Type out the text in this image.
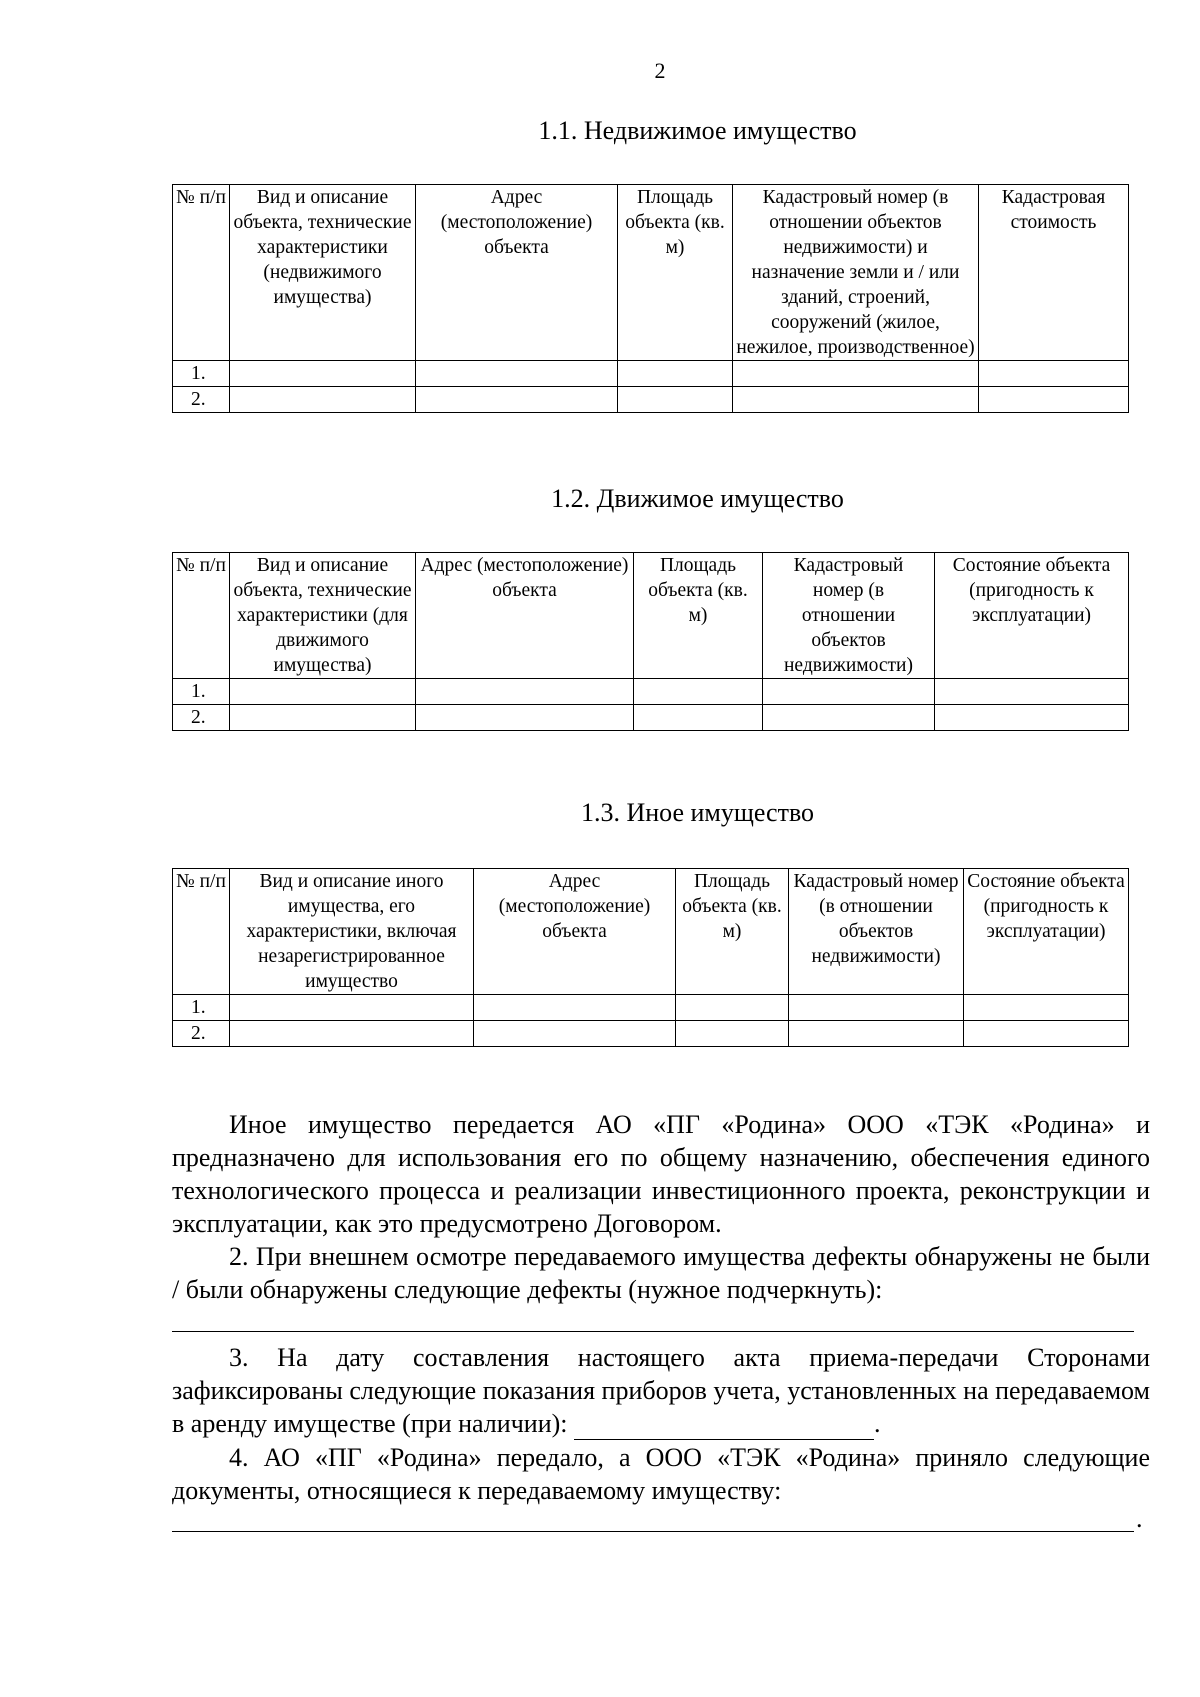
2
1.1. Недвижимое имущество
№ п/п	Вид и описание объекта, технические характеристики (недвижимого имущества)	Адрес (местоположение) объекта	Площадь объекта (кв. м)	Кадастровый номер (в отношении объектов недвижимости) и назначение земли и / или зданий, строений, сооружений (жилое, нежилое, производственное)	Кадастровая стоимость
1.					
2.					
1.2. Движимое имущество
№ п/п	Вид и описание объекта, технические характеристики (для движимого имущества)	Адрес (местоположение) объекта	Площадь объекта (кв. м)	Кадастровый номер (в отношении объектов недвижимости)	Состояние объекта (пригодность к эксплуатации)
1.					
2.					
1.3. Иное имущество
№ п/п	Вид и описание иного имущества, его характеристики, включая незарегистрированное имущество	Адрес (местоположение) объекта	Площадь объекта (кв. м)	Кадастровый номер (в отношении объектов недвижимости)	Состояние объекта (пригодность к эксплуатации)
1.					
2.					
Иное имущество передается АО «ПГ «Родина» ООО «ТЭК «Родина» и предназначено для использования его по общему назначению, обеспечения единого технологического процесса и реализации инвестиционного проекта, реконструкции и эксплуатации, как это предусмотрено Договором.
2. При внешнем осмотре передаваемого имущества дефекты обнаружены не были / были обнаружены следующие дефекты (нужное подчеркнуть):
3. На дату составления настоящего акта приема-передачи Сторонами зафиксированы следующие показания приборов учета, установленных на передаваемом в аренду имуществе (при наличии):	.
4. АО «ПГ «Родина» передало, а ООО «ТЭК «Родина» приняло следующие документы, относящиеся к передаваемому имуществу:
.
